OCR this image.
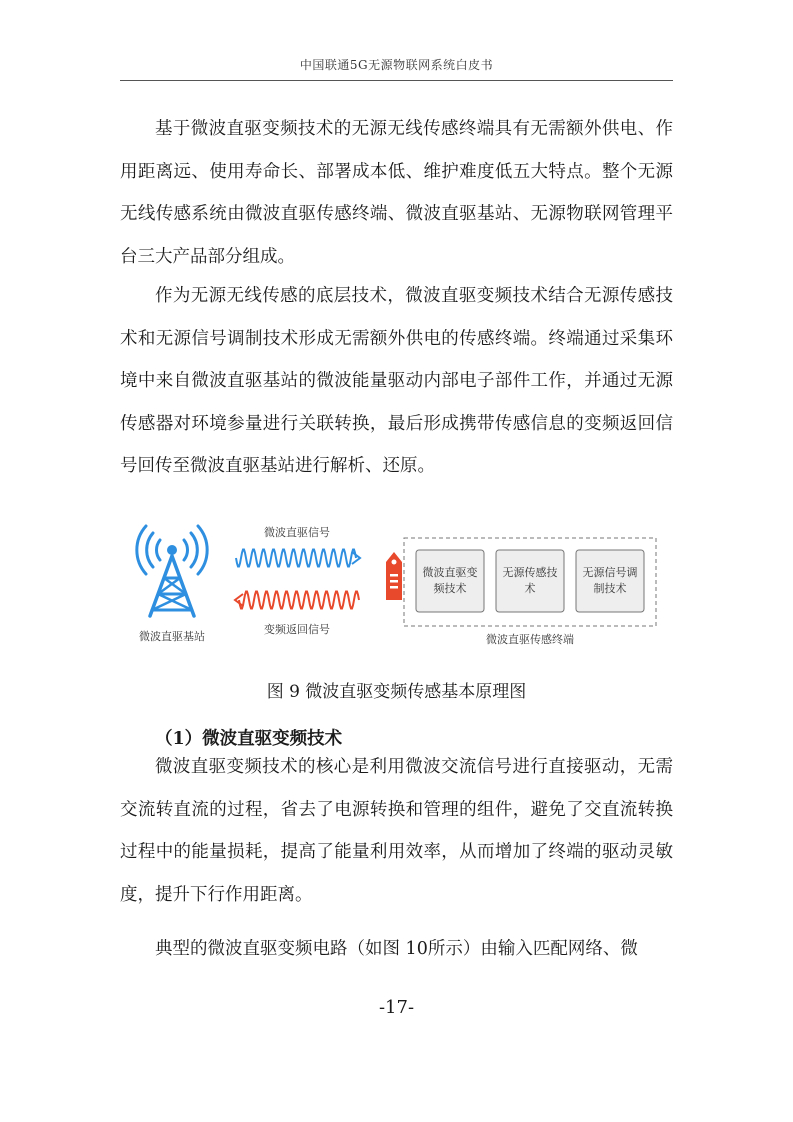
中国联通5G无源物联网系统白皮书

基于微波直驱变频技术的无源无线传感终端具有无需额外供电、作用距离远、使用寿命长、部署成本低、维护难度低五大特点。整个无源无线传感系统由微波直驱传感终端、微波直驱基站、无源物联网管理平台三大产品部分组成。

作为无源无线传感的底层技术，微波直驱变频技术结合无源传感技术和无源信号调制技术形成无需额外供电的传感终端。终端通过采集环境中来自微波直驱基站的微波能量驱动内部电子部件工作，并通过无源传感器对环境参量进行关联转换，最后形成携带传感信息的变频返回信号回传至微波直驱基站进行解析、还原。

微波直驱基站
微波直驱信号
变频返回信号
微波直驱变
频技术
无源传感技
术
无源信号调
制技术
微波直驱传感终端
图 9 微波直驱变频传感基本原理图
（1）微波直驱变频技术

微波直驱变频技术的核心是利用微波交流信号进行直接驱动，无需交流转直流的过程，省去了电源转换和管理的组件，避免了交直流转换过程中的能量损耗，提高了能量利用效率，从而增加了终端的驱动灵敏度，提升下行作用距离。

典型的微波直驱变频电路（如图 10所示）由输入匹配网络、微

-17-
